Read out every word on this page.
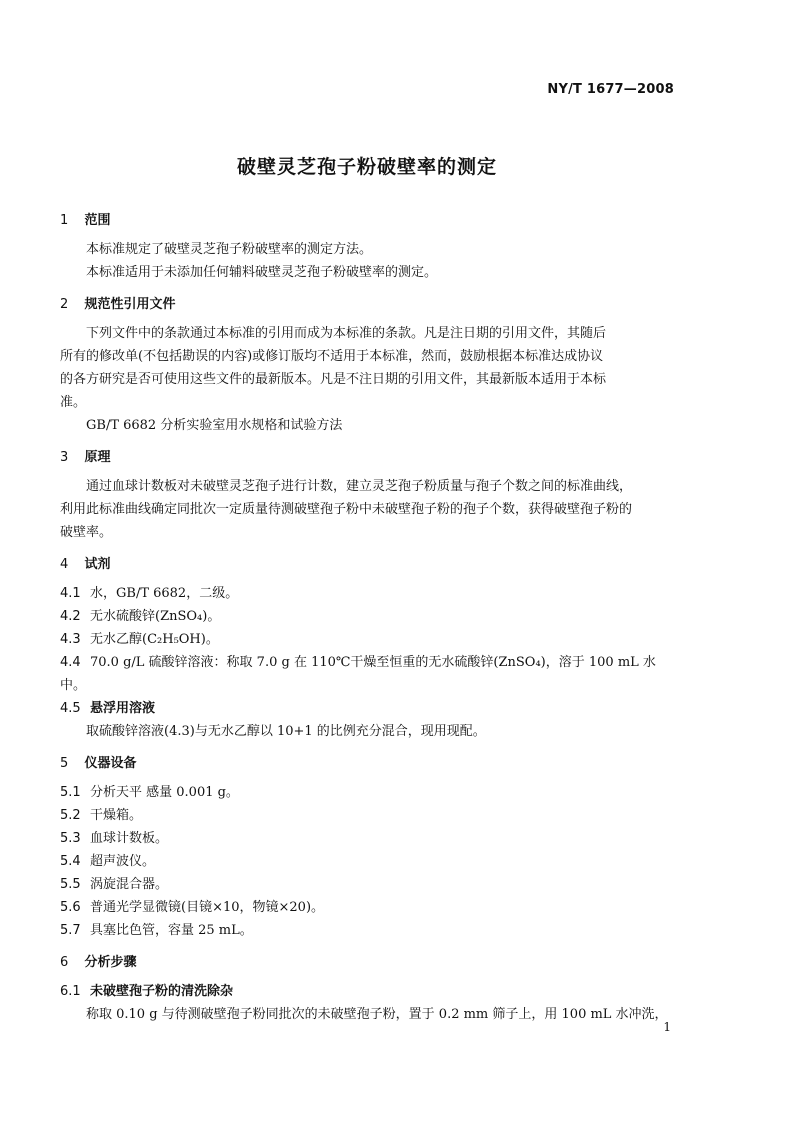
NY/T 1677—2008
破壁灵芝孢子粉破壁率的测定
1 范围

本标准规定了破壁灵芝孢子粉破壁率的测定方法。

本标准适用于未添加任何辅料破壁灵芝孢子粉破壁率的测定。

2 规范性引用文件

下列文件中的条款通过本标准的引用而成为本标准的条款。凡是注日期的引用文件，其随后

所有的修改单(不包括勘误的内容)或修订版均不适用于本标准，然而，鼓励根据本标准达成协议

的各方研究是否可使用这些文件的最新版本。凡是不注日期的引用文件，其最新版本适用于本标

准。

GB/T 6682 分析实验室用水规格和试验方法

3 原理

通过血球计数板对未破壁灵芝孢子进行计数，建立灵芝孢子粉质量与孢子个数之间的标准曲线，

利用此标准曲线确定同批次一定质量待测破壁孢子粉中未破壁孢子粉的孢子个数，获得破壁孢子粉的

破壁率。

4 试剂

4.1 水，GB/T 6682，二级。

4.2 无水硫酸锌(ZnSO₄)。

4.3 无水乙醇(C₂H₅OH)。

4.4 70.0 g/L 硫酸锌溶液：称取 7.0 g 在 110℃干燥至恒重的无水硫酸锌(ZnSO₄)，溶于 100 mL 水

中。

4.5 悬浮用溶液

取硫酸锌溶液(4.3)与无水乙醇以 10+1 的比例充分混合，现用现配。

5 仪器设备

5.1 分析天平 感量 0.001 g。

5.2 干燥箱。

5.3 血球计数板。

5.4 超声波仪。

5.5 涡旋混合器。

5.6 普通光学显微镜(目镜×10，物镜×20)。

5.7 具塞比色管，容量 25 mL。

6 分析步骤

6.1 未破壁孢子粉的清洗除杂

称取 0.10 g 与待测破壁孢子粉同批次的未破壁孢子粉，置于 0.2 mm 筛子上，用 100 mL 水冲洗，

1
